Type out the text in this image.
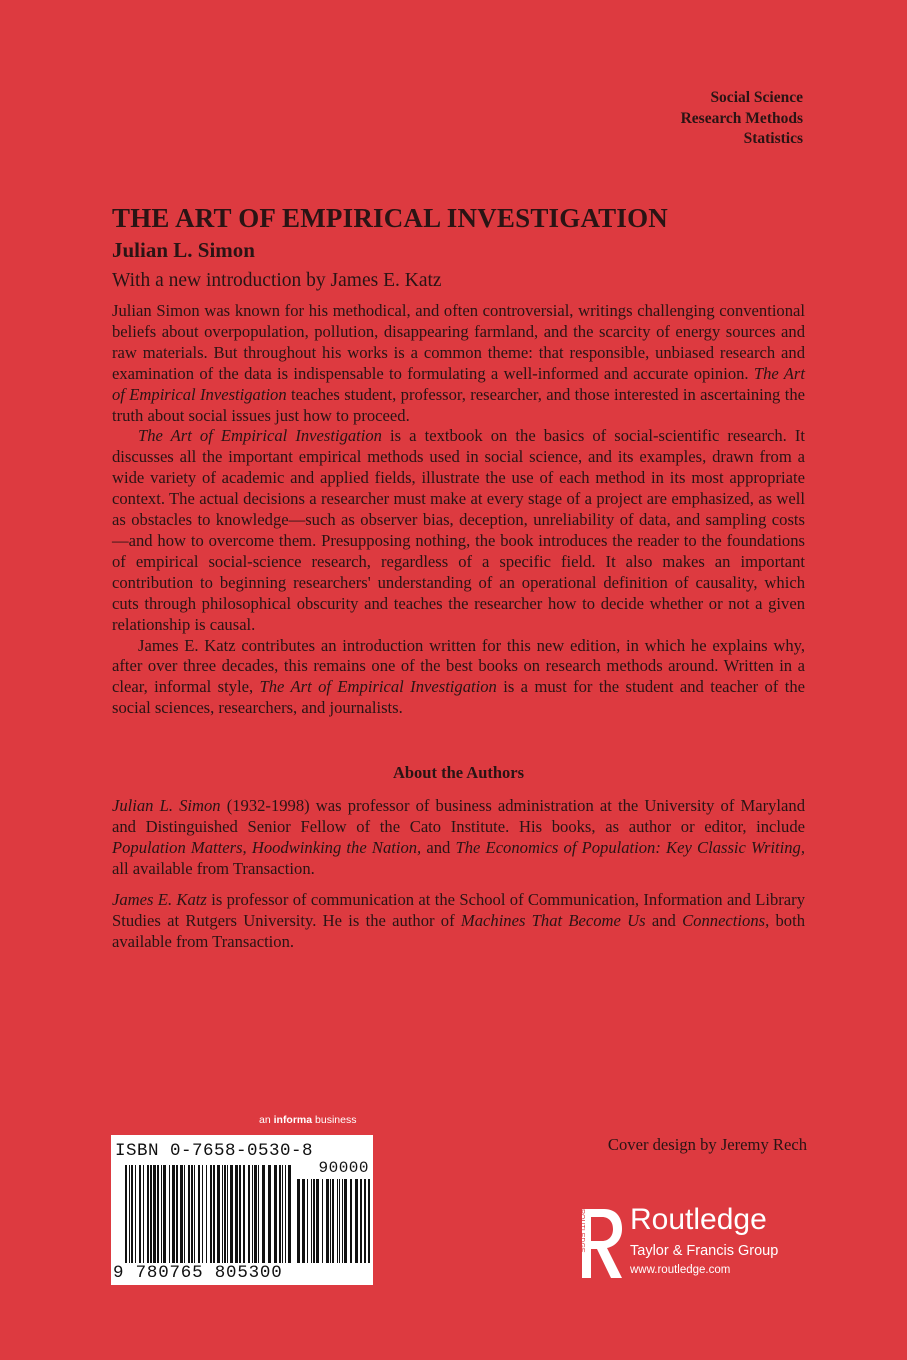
Social Science
Research Methods
Statistics
THE ART OF EMPIRICAL INVESTIGATION
Julian L. Simon
With a new introduction by James E. Katz

Julian Simon was known for his methodical, and often controversial, writings challenging conventional beliefs about overpopulation, pollution, disappearing farmland, and the scarcity of energy sources and raw materials. But throughout his works is a common theme: that responsible, unbiased research and examination of the data is indispensable to formulating a well-informed and accurate opinion. The Art of Empirical Investigation teaches student, professor, researcher, and those interested in ascertaining the truth about social issues just how to proceed.

The Art of Empirical Investigation is a textbook on the basics of social-scientific research. It discusses all the important empirical methods used in social science, and its examples, drawn from a wide variety of academic and applied fields, illustrate the use of each method in its most appropriate context. The actual decisions a researcher must make at every stage of a project are emphasized, as well as obstacles to knowledge—such as observer bias, deception, unreliability of data, and sampling costs—and how to overcome them. Presupposing nothing, the book introduces the reader to the foundations of empirical social-science research, regardless of a specific field. It also makes an important contribution to beginning researchers' understanding of an operational definition of causality, which cuts through philosophical obscurity and teaches the researcher how to decide whether or not a given relationship is causal.

James E. Katz contributes an introduction written for this new edition, in which he explains why, after over three decades, this remains one of the best books on research methods around. Written in a clear, informal style, The Art of Empirical Investigation is a must for the student and teacher of the social sciences, researchers, and journalists.

About the Authors

Julian L. Simon (1932-1998) was professor of business administration at the University of Maryland and Distinguished Senior Fellow of the Cato Institute. His books, as author or editor, include Population Matters, Hoodwinking the Nation, and The Economics of Population: Key Classic Writing, all available from Transaction.

James E. Katz is professor of communication at the School of Communication, Information and Library Studies at Rutgers University. He is the author of Machines That Become Us and Connections, both available from Transaction.

an informa business
ISBN 0-7658-0530-8
90000
9 780765 805300
Cover design by Jeremy Rech
ROUTLEDGE Routledge
Taylor & Francis Group
www.routledge.com
